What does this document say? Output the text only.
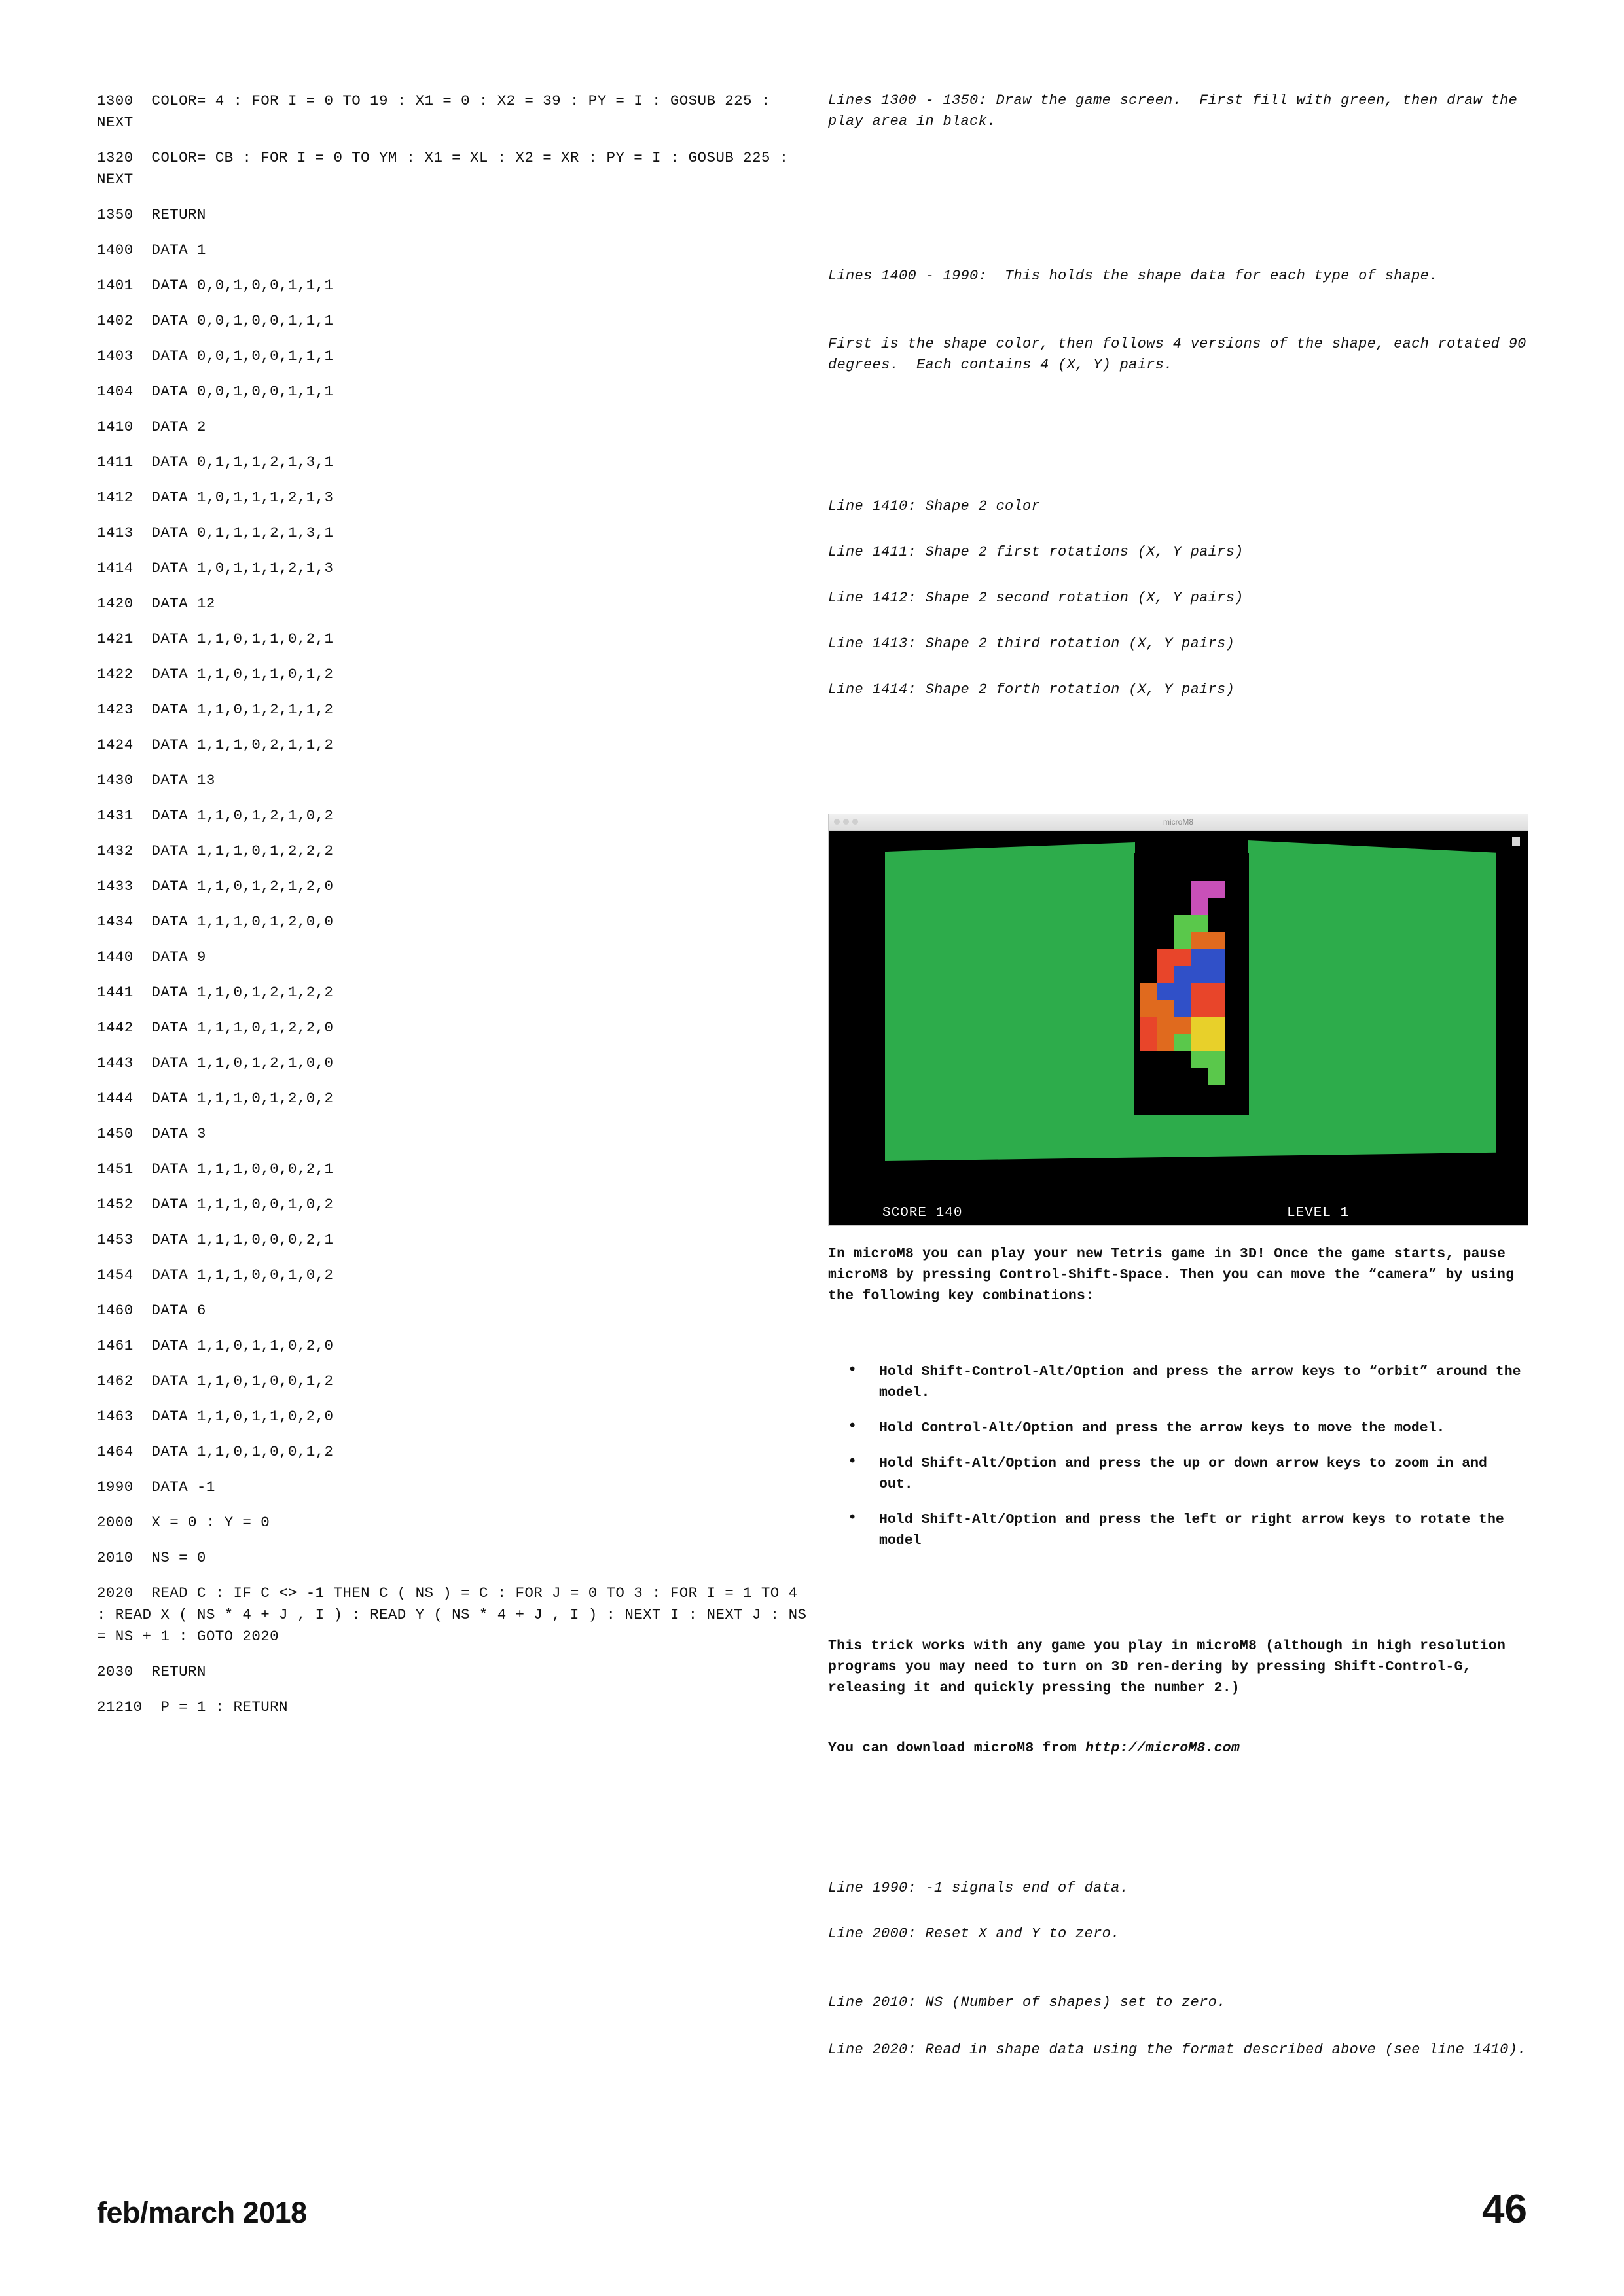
1300  COLOR= 4 : FOR I = 0 TO 19 : X1 = 0 : X2 = 39 : PY = I : GOSUB 225 : NEXT
1320  COLOR= CB : FOR I = 0 TO YM : X1 = XL : X2 = XR : PY = I : GOSUB 225 : NEXT
1350  RETURN
1400  DATA 1
1401  DATA 0,0,1,0,0,1,1,1
1402  DATA 0,0,1,0,0,1,1,1
1403  DATA 0,0,1,0,0,1,1,1
1404  DATA 0,0,1,0,0,1,1,1
1410  DATA 2
1411  DATA 0,1,1,1,2,1,3,1
1412  DATA 1,0,1,1,1,2,1,3
1413  DATA 0,1,1,1,2,1,3,1
1414  DATA 1,0,1,1,1,2,1,3
1420  DATA 12
1421  DATA 1,1,0,1,1,0,2,1
1422  DATA 1,1,0,1,1,0,1,2
1423  DATA 1,1,0,1,2,1,1,2
1424  DATA 1,1,1,0,2,1,1,2
1430  DATA 13
1431  DATA 1,1,0,1,2,1,0,2
1432  DATA 1,1,1,0,1,2,2,2
1433  DATA 1,1,0,1,2,1,2,0
1434  DATA 1,1,1,0,1,2,0,0
1440  DATA 9
1441  DATA 1,1,0,1,2,1,2,2
1442  DATA 1,1,1,0,1,2,2,0
1443  DATA 1,1,0,1,2,1,0,0
1444  DATA 1,1,1,0,1,2,0,2
1450  DATA 3
1451  DATA 1,1,1,0,0,0,2,1
1452  DATA 1,1,1,0,0,1,0,2
1453  DATA 1,1,1,0,0,0,2,1
1454  DATA 1,1,1,0,0,1,0,2
1460  DATA 6
1461  DATA 1,1,0,1,1,0,2,0
1462  DATA 1,1,0,1,0,0,1,2
1463  DATA 1,1,0,1,1,0,2,0
1464  DATA 1,1,0,1,0,0,1,2
1990  DATA -1
2000  X = 0 : Y = 0
2010  NS = 0
2020  READ C : IF C <> -1 THEN C ( NS ) = C : FOR J = 0 TO 3 : FOR I = 1 TO 4 : READ X ( NS * 4 + J , I ) : READ Y ( NS * 4 + J , I ) : NEXT I : NEXT J : NS = NS + 1 : GOTO 2020
2030  RETURN
21210  P = 1 : RETURN
Lines 1300 - 1350: Draw the game screen.  First fill with green, then draw the play area in black.
Lines 1400 - 1990:  This holds the shape data for each type of shape.
First is the shape color, then follows 4 versions of the shape, each rotated 90 degrees.  Each contains 4 (X, Y) pairs.
Line 1410: Shape 2 color
Line 1411: Shape 2 first rotations (X, Y pairs)
Line 1412: Shape 2 second rotation (X, Y pairs)
Line 1413: Shape 2 third rotation (X, Y pairs)
Line 1414: Shape 2 forth rotation (X, Y pairs)
Line 1990: -1 signals end of data.
Line 2000: Reset X and Y to zero.
Line 2010: NS (Number of shapes) set to zero.
Line 2020: Read in shape data using the format described above (see line 1410).
microM8
SCORE 140	LEVEL 1
GAME OVER
In microM8 you can play your new Tetris game in 3D! Once the game starts, pause microM8 by pressing Control-Shift-Space. Then you can move the “camera” by using the following key combinations:
• Hold Shift-Control-Alt/Option and press the arrow keys to “orbit” around the model.
• Hold Control-Alt/Option and press the arrow keys to move the model.
• Hold Shift-Alt/Option and press the up or down arrow keys to zoom in and out.
• Hold Shift-Alt/Option and press the left or right arrow keys to rotate the model
This trick works with any game you play in microM8 (although in high resolution programs you may need to turn on 3D ren-dering by pressing Shift-Control-G, releasing it and quickly pressing the number 2.)
You can download microM8 from http://microM8.com
feb/march 2018	46
